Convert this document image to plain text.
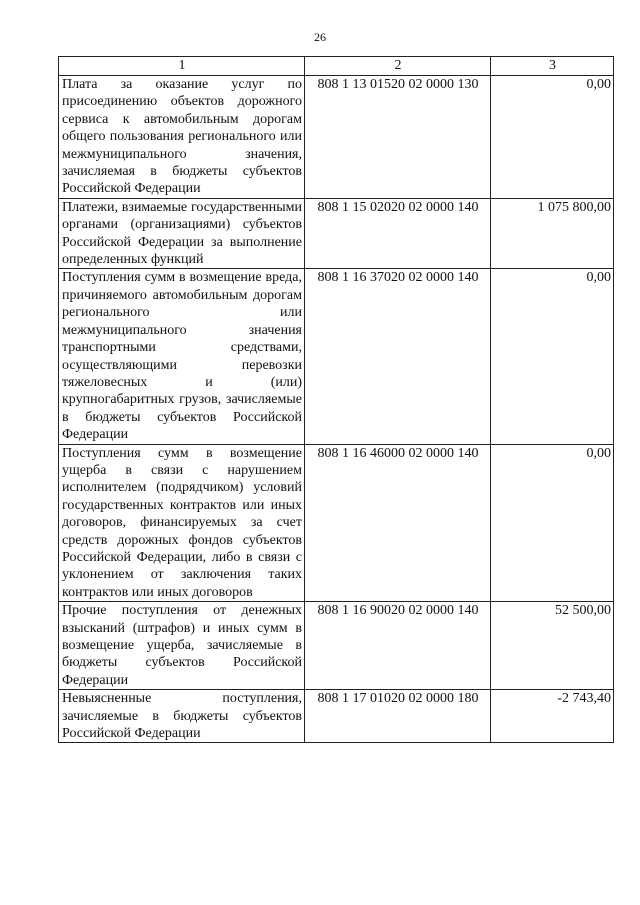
26
1	2	3
Плата за оказание услуг по присоединению объектов дорожного сервиса к автомобильным дорогам общего пользования регионального или межмуниципального значения, зачисляемая в бюджеты субъектов Российской Федерации	808 1 13 01520 02 0000 130	0,00
Платежи, взимаемые государственными органами (организациями) субъектов Российской Федерации за выполнение определенных функций	808 1 15 02020 02 0000 140	1 075 800,00
Поступления сумм в возмещение вреда, причиняемого автомобильным дорогам регионального или межмуниципального значения транспортными средствами, осуществляющими перевозки тяжеловесных и (или) крупногабаритных грузов, зачисляемые в бюджеты субъектов Российской Федерации	808 1 16 37020 02 0000 140	0,00
Поступления сумм в возмещение ущерба в связи с нарушением исполнителем (подрядчиком) условий государственных контрактов или иных договоров, финансируемых за счет средств дорожных фондов субъектов Российской Федерации, либо в связи с уклонением от заключения таких контрактов или иных договоров	808 1 16 46000 02 0000 140	0,00
Прочие поступления от денежных взысканий (штрафов) и иных сумм в возмещение ущерба, зачисляемые в бюджеты субъектов Российской Федерации	808 1 16 90020 02 0000 140	52 500,00
Невыясненные поступления, зачисляемые в бюджеты субъектов Российской Федерации	808 1 17 01020 02 0000 180	-2 743,40
